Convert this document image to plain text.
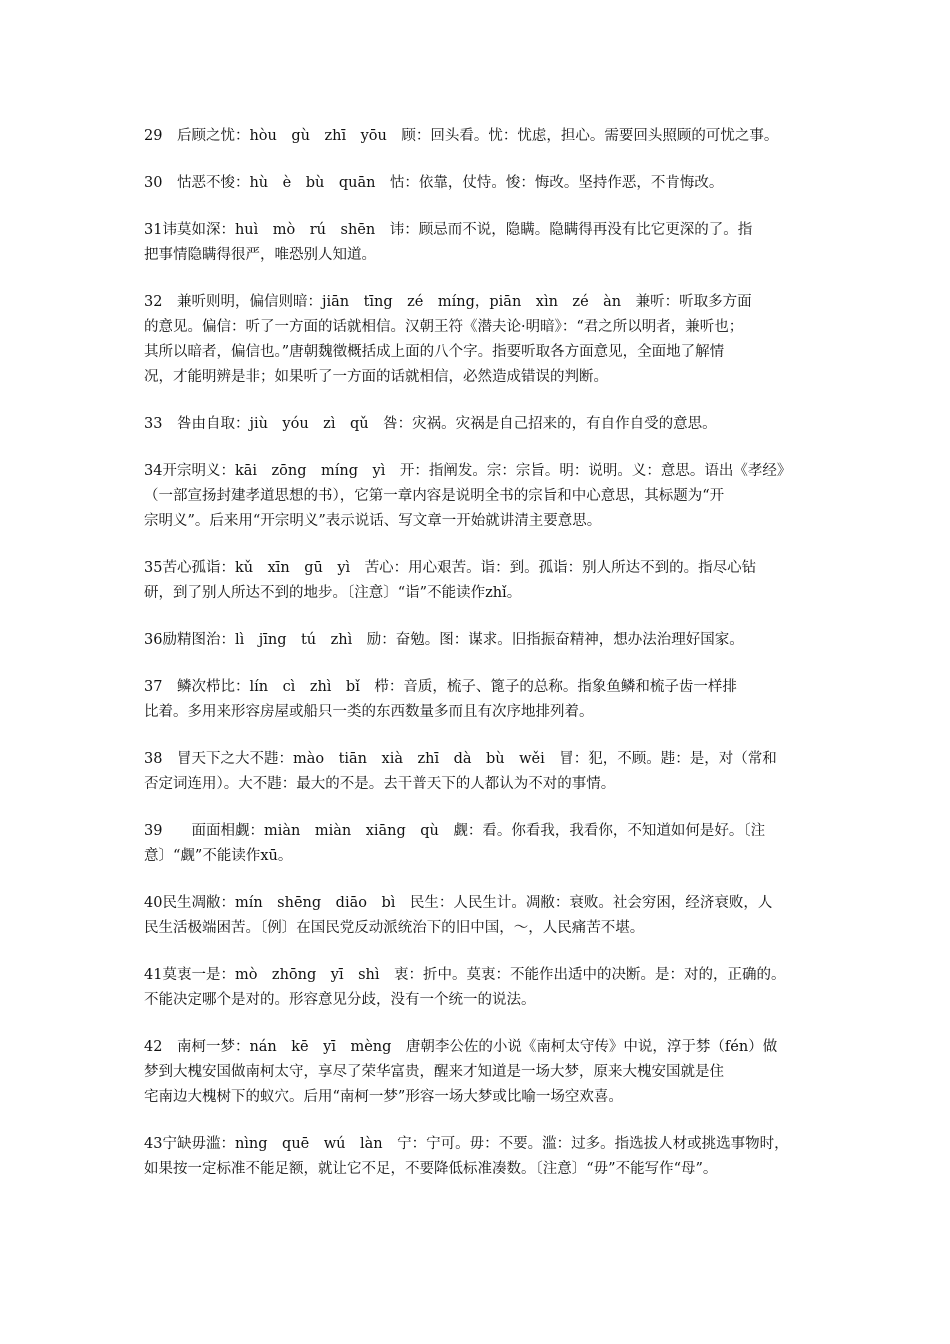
29　后顾之忧：hòu　gù　zhī　yōu　顾：回头看。忧：忧虑，担心。需要回头照顾的可忧之事。
30　怙恶不悛：hù　è　bù　quān　怙：依靠，仗恃。悛：悔改。坚持作恶，不肯悔改。
31讳莫如深：huì　mò　rú　shēn　讳：顾忌而不说，隐瞒。隐瞒得再没有比它更深的了。指
把事情隐瞒得很严，唯恐别人知道。
32　兼听则明，偏信则暗：jiān　tīng　zé　míng，piān　xìn　zé　àn　兼听：听取多方面
的意见。偏信：听了一方面的话就相信。汉朝王符《潜夫论·明暗》：“君之所以明者，兼听也；
其所以暗者，偏信也。”唐朝魏徵概括成上面的八个字。指要听取各方面意见，全面地了解情
况，才能明辨是非；如果听了一方面的话就相信，必然造成错误的判断。
33　咎由自取：jiù　yóu　zì　qǔ　咎：灾祸。灾祸是自己招来的，有自作自受的意思。
34开宗明义：kāi　zōng　míng　yì　开：指阐发。宗：宗旨。明：说明。义：意思。语出《孝经》
（一部宣扬封建孝道思想的书），它第一章内容是说明全书的宗旨和中心意思，其标题为“开
宗明义”。后来用“开宗明义”表示说话、写文章一开始就讲清主要意思。
35苦心孤诣：kǔ　xīn　gū　yì　苦心：用心艰苦。诣：到。孤诣：别人所达不到的。指尽心钻
研，到了别人所达不到的地步。〔注意〕“诣”不能读作zhǐ。
36励精图治：lì　jīng　tú　zhì　励：奋勉。图：谋求。旧指振奋精神，想办法治理好国家。
37　鳞次栉比：lín　cì　zhì　bǐ　栉：音质，梳子、篦子的总称。指象鱼鳞和梳子齿一样排
比着。多用来形容房屋或船只一类的东西数量多而且有次序地排列着。
38　冒天下之大不韪：mào　tiān　xià　zhī　dà　bù　wěi　冒：犯，不顾。韪：是，对（常和
否定词连用）。大不韪：最大的不是。去干普天下的人都认为不对的事情。
39　　面面相觑：miàn　miàn　xiāng　qù　觑：看。你看我，我看你，不知道如何是好。〔注
意〕“觑”不能读作xū。
40民生凋敝：mín　shēng　diāo　bì　民生：人民生计。凋敝：衰败。社会穷困，经济衰败，人
民生活极端困苦。〔例〕在国民党反动派统治下的旧中国，～，人民痛苦不堪。
41莫衷一是：mò　zhōng　yī　shì　衷：折中。莫衷：不能作出适中的决断。是：对的，正确的。
不能决定哪个是对的。形容意见分歧，没有一个统一的说法。
42　南柯一梦：nán　kē　yī　mèng　唐朝李公佐的小说《南柯太守传》中说，淳于棼（fén）做
梦到大槐安国做南柯太守，享尽了荣华富贵，醒来才知道是一场大梦，原来大槐安国就是住
宅南边大槐树下的蚁穴。后用“南柯一梦”形容一场大梦或比喻一场空欢喜。
43宁缺毋滥：nìng　quē　wú　làn　宁：宁可。毋：不要。滥：过多。指选拔人材或挑选事物时，
如果按一定标准不能足额，就让它不足，不要降低标准凑数。〔注意〕“毋”不能写作“母”。
